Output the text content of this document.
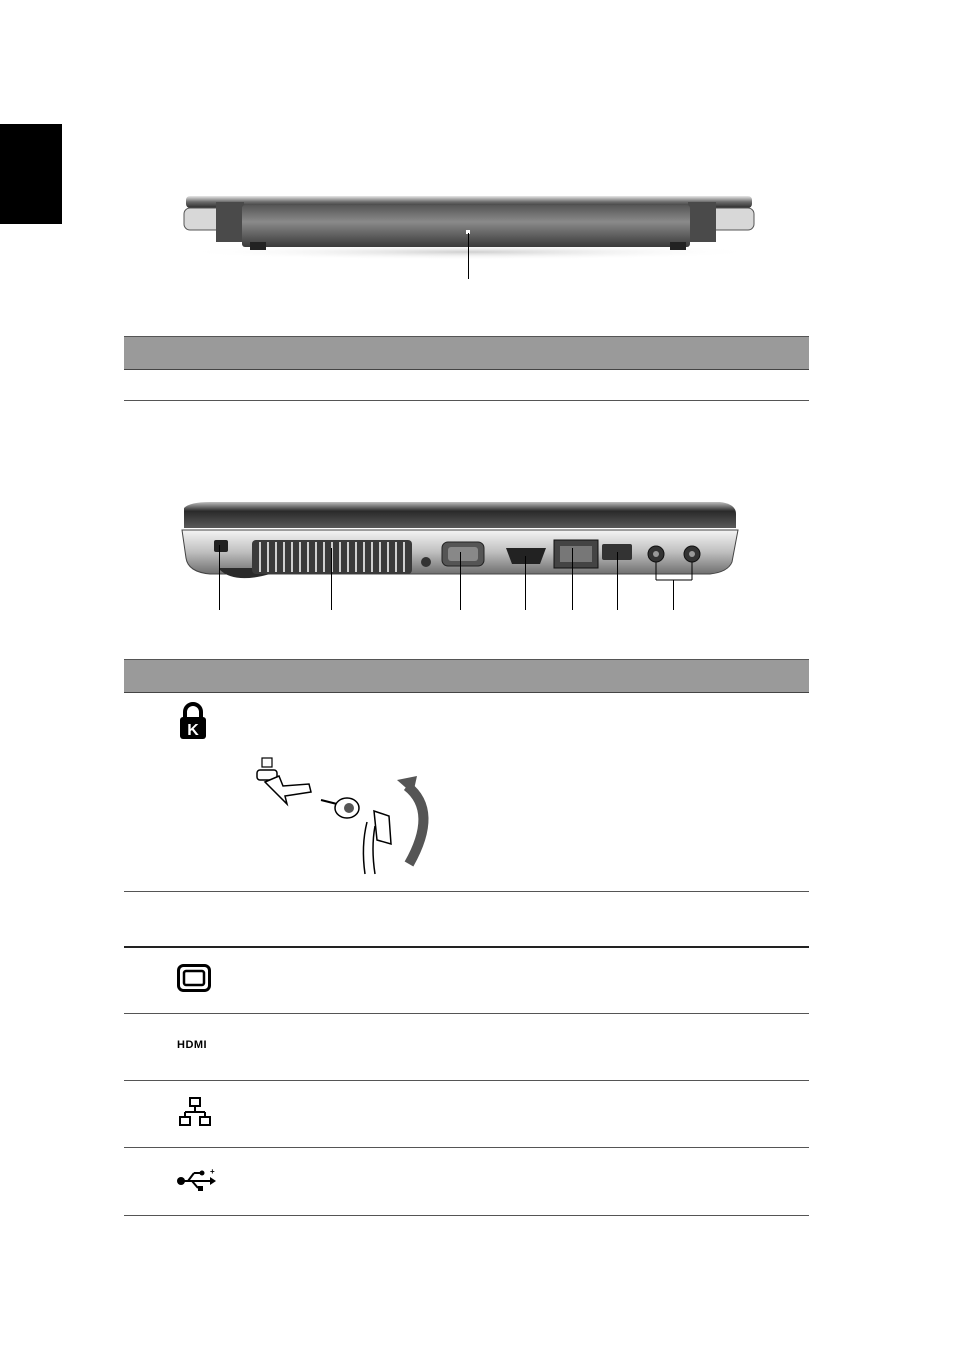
K
HDMI
+
